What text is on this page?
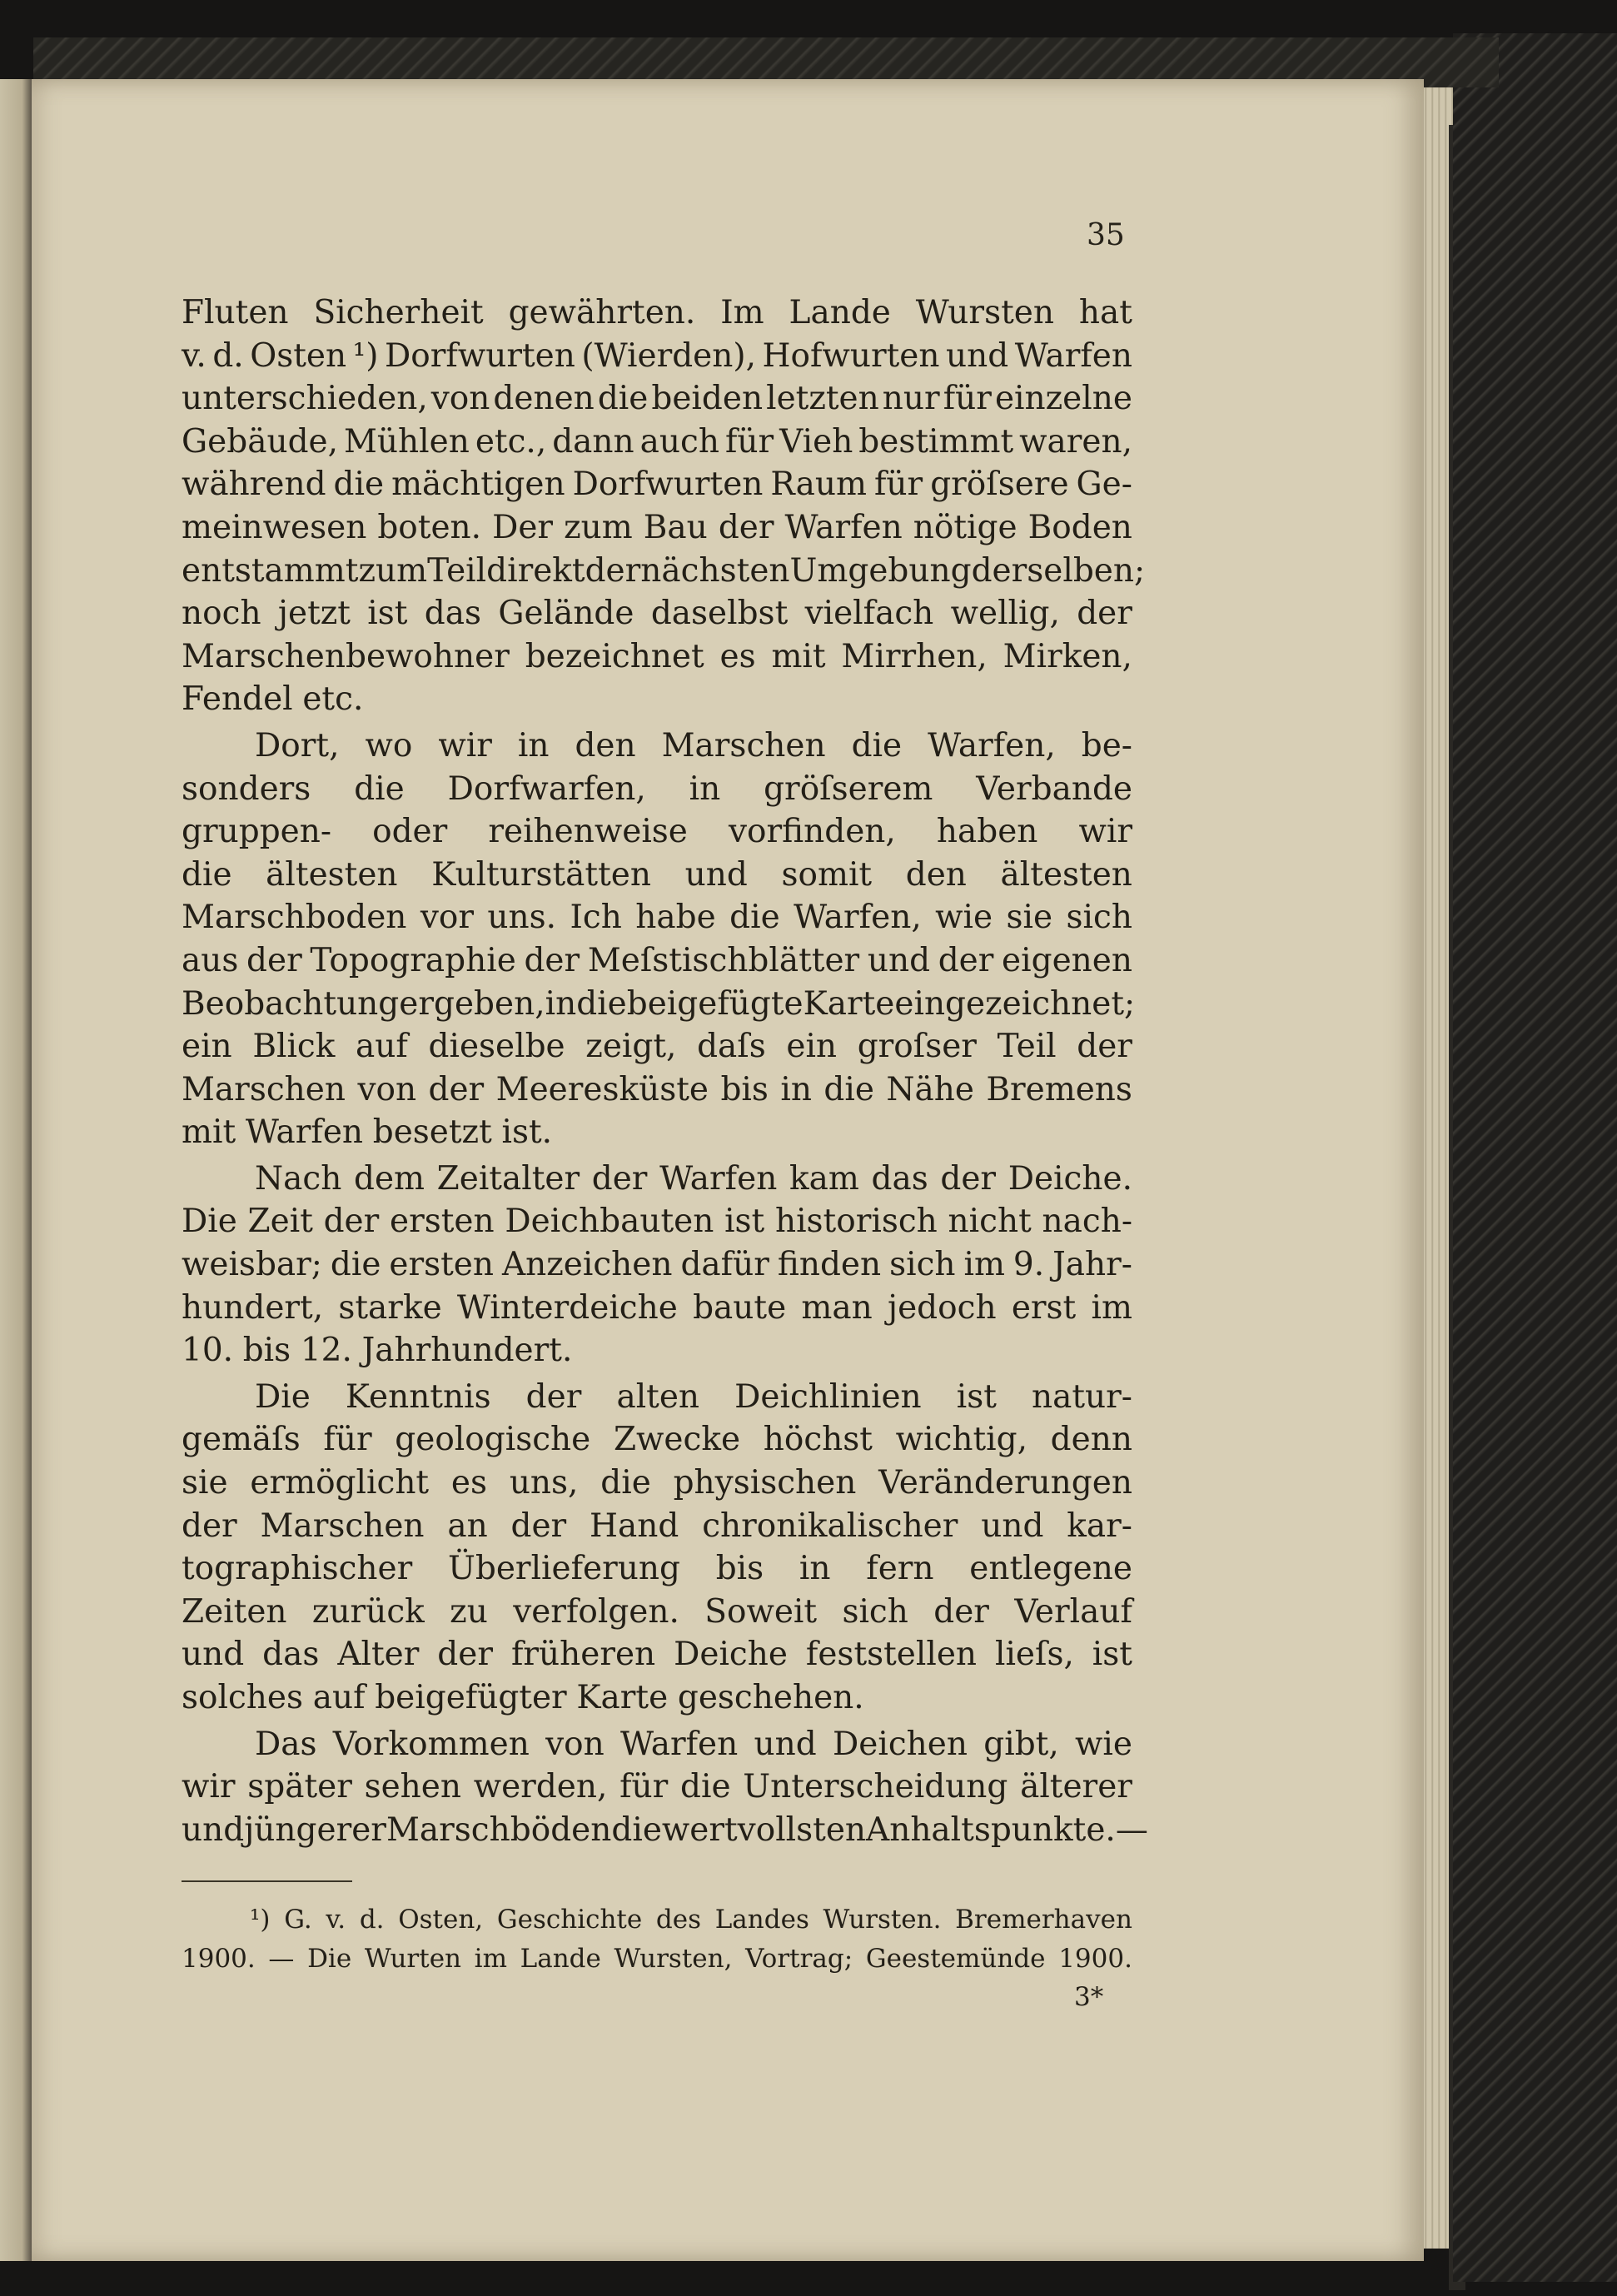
35
Fluten Sicherheit gewährten. Im Lande Wursten hat
v. d. Osten ¹) Dorfwurten (Wierden), Hofwurten und Warfen
unterschieden, von denen die beiden letzten nur für einzelne
Gebäude, Mühlen etc., dann auch für Vieh bestimmt waren,
während die mächtigen Dorfwurten Raum für gröſsere Ge-
meinwesen boten. Der zum Bau der Warfen nötige Boden
entstammt zum Teil direkt der nächsten Umgebung derselben;
noch jetzt ist das Gelände daselbst vielfach wellig, der
Marschenbewohner bezeichnet es mit Mirrhen, Mirken,
Fendel etc.
Dort, wo wir in den Marschen die Warfen, be-
sonders die Dorfwarfen, in gröſserem Verbande
gruppen- oder reihenweise vorfinden, haben wir
die ältesten Kulturstätten und somit den ältesten
Marschboden vor uns. Ich habe die Warfen, wie sie sich
aus der Topographie der Meſstischblätter und der eigenen
Beobachtung ergeben, in die beigefügte Karte eingezeichnet;
ein Blick auf dieselbe zeigt, daſs ein groſser Teil der
Marschen von der Meeresküste bis in die Nähe Bremens
mit Warfen besetzt ist.
Nach dem Zeitalter der Warfen kam das der Deiche.
Die Zeit der ersten Deichbauten ist historisch nicht nach-
weisbar; die ersten Anzeichen dafür finden sich im 9. Jahr-
hundert, starke Winterdeiche baute man jedoch erst im
10. bis 12. Jahrhundert.
Die Kenntnis der alten Deichlinien ist natur-
gemäſs für geologische Zwecke höchst wichtig, denn
sie ermöglicht es uns, die physischen Veränderungen
der Marschen an der Hand chronikalischer und kar-
tographischer Überlieferung bis in fern entlegene
Zeiten zurück zu verfolgen. Soweit sich der Verlauf
und das Alter der früheren Deiche feststellen lieſs, ist
solches auf beigefügter Karte geschehen.
Das Vorkommen von Warfen und Deichen gibt, wie
wir später sehen werden, für die Unterscheidung älterer
und jüngerer Marschböden die wertvollsten Anhaltspunkte. —
¹) G. v. d. Osten, Geschichte des Landes Wursten. Bremerhaven
1900. — Die Wurten im Lande Wursten, Vortrag; Geestemünde 1900.
3*
